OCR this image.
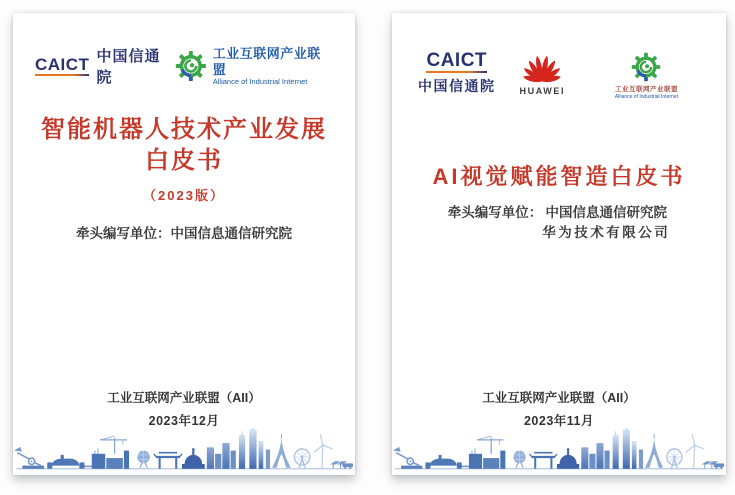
CAICT 中国信通院
工业互联网产业联盟
Alliance of Industrial Internet
智能机器人技术产业发展
白皮书
（2023版）
牵头编写单位： 中国信息通信研究院
工业互联网产业联盟（AII）
2023年12月
CAICT
中国信通院	HUAWEI	工业互联网产业联盟
Alliance of Industrial Internet
AI视觉赋能智造白皮书
牵头编写单位： 中国信息通信研究院
华为技术有限公司
工业互联网产业联盟（AII）
2023年11月
